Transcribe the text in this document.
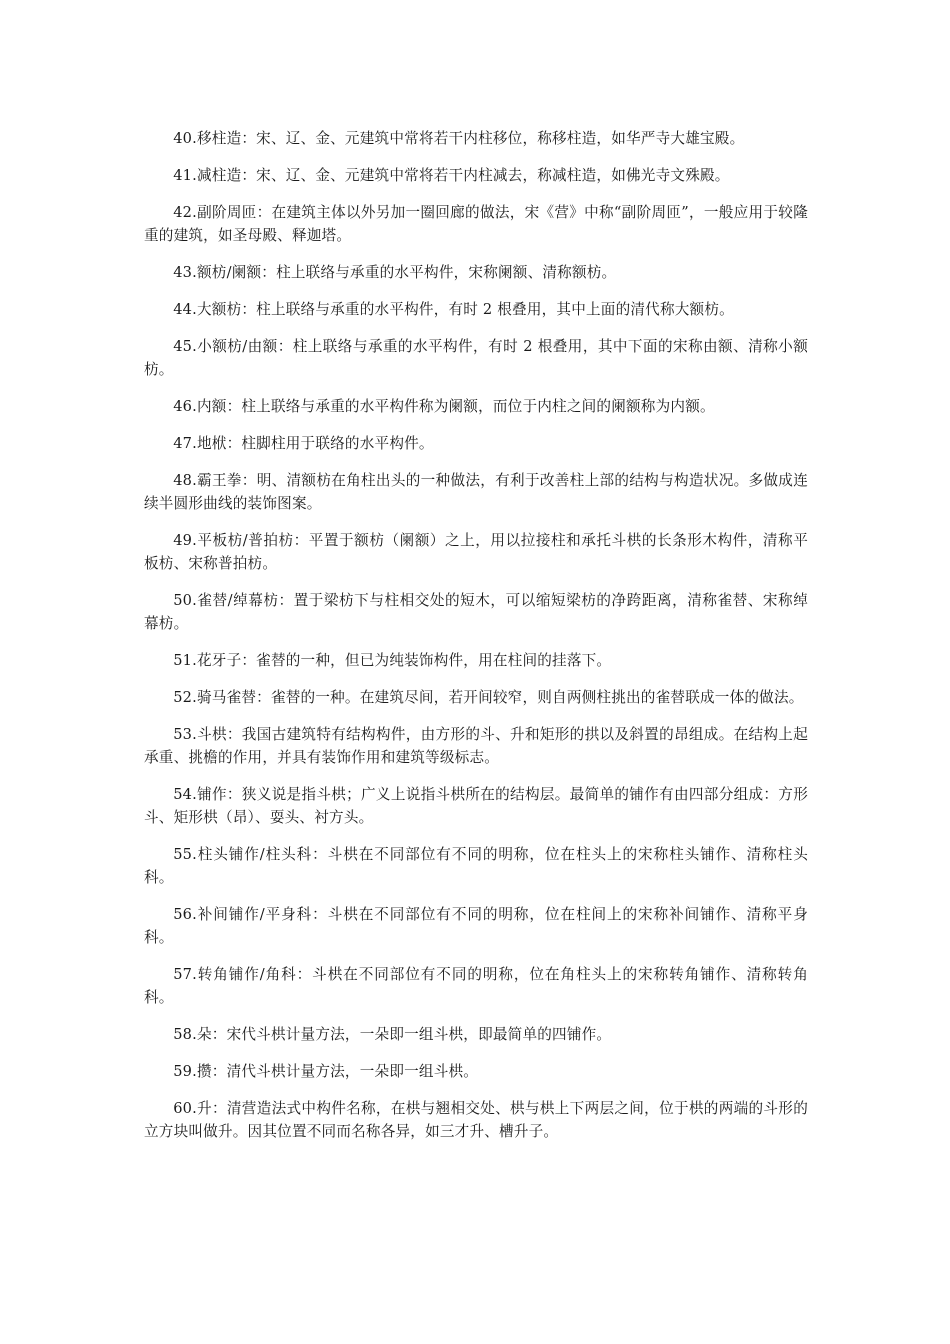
40.移柱造：宋、辽、金、元建筑中常将若干内柱移位，称移柱造，如华严寺大雄宝殿。

41.减柱造：宋、辽、金、元建筑中常将若干内柱减去，称减柱造，如佛光寺文殊殿。

42.副阶周匝：在建筑主体以外另加一圈回廊的做法，宋《营》中称“副阶周匝”，一般应用于较隆重的建筑，如圣母殿、释迦塔。

43.额枋/阑额：柱上联络与承重的水平构件，宋称阑额、清称额枋。

44.大额枋：柱上联络与承重的水平构件，有时 2 根叠用，其中上面的清代称大额枋。

45.小额枋/由额：柱上联络与承重的水平构件，有时 2 根叠用，其中下面的宋称由额、清称小额枋。

46.内额：柱上联络与承重的水平构件称为阑额，而位于内柱之间的阑额称为内额。

47.地栿：柱脚柱用于联络的水平构件。

48.霸王拳：明、清额枋在角柱出头的一种做法，有利于改善柱上部的结构与构造状况。多做成连续半圆形曲线的装饰图案。

49.平板枋/普拍枋：平置于额枋（阑额）之上，用以拉接柱和承托斗栱的长条形木构件，清称平板枋、宋称普拍枋。

50.雀替/绰幕枋：置于梁枋下与柱相交处的短木，可以缩短梁枋的净跨距离，清称雀替、宋称绰幕枋。

51.花牙子：雀替的一种，但已为纯装饰构件，用在柱间的挂落下。

52.骑马雀替：雀替的一种。在建筑尽间，若开间较窄，则自两侧柱挑出的雀替联成一体的做法。

53.斗栱：我国古建筑特有结构构件，由方形的斗、升和矩形的拱以及斜置的昂组成。在结构上起承重、挑檐的作用，并具有装饰作用和建筑等级标志。

54.铺作：狭义说是指斗栱；广义上说指斗栱所在的结构层。最简单的铺作有由四部分组成：方形斗、矩形栱（昂）、耍头、衬方头。

55.柱头铺作/柱头科：斗栱在不同部位有不同的明称，位在柱头上的宋称柱头铺作、清称柱头科。

56.补间铺作/平身科：斗栱在不同部位有不同的明称，位在柱间上的宋称补间铺作、清称平身科。

57.转角铺作/角科：斗栱在不同部位有不同的明称，位在角柱头上的宋称转角铺作、清称转角科。

58.朵：宋代斗栱计量方法，一朵即一组斗栱，即最简单的四铺作。

59.攒：清代斗栱计量方法，一朵即一组斗栱。

60.升：清营造法式中构件名称，在栱与翘相交处、栱与栱上下两层之间，位于栱的两端的斗形的立方块叫做升。因其位置不同而名称各异，如三才升、槽升子。
